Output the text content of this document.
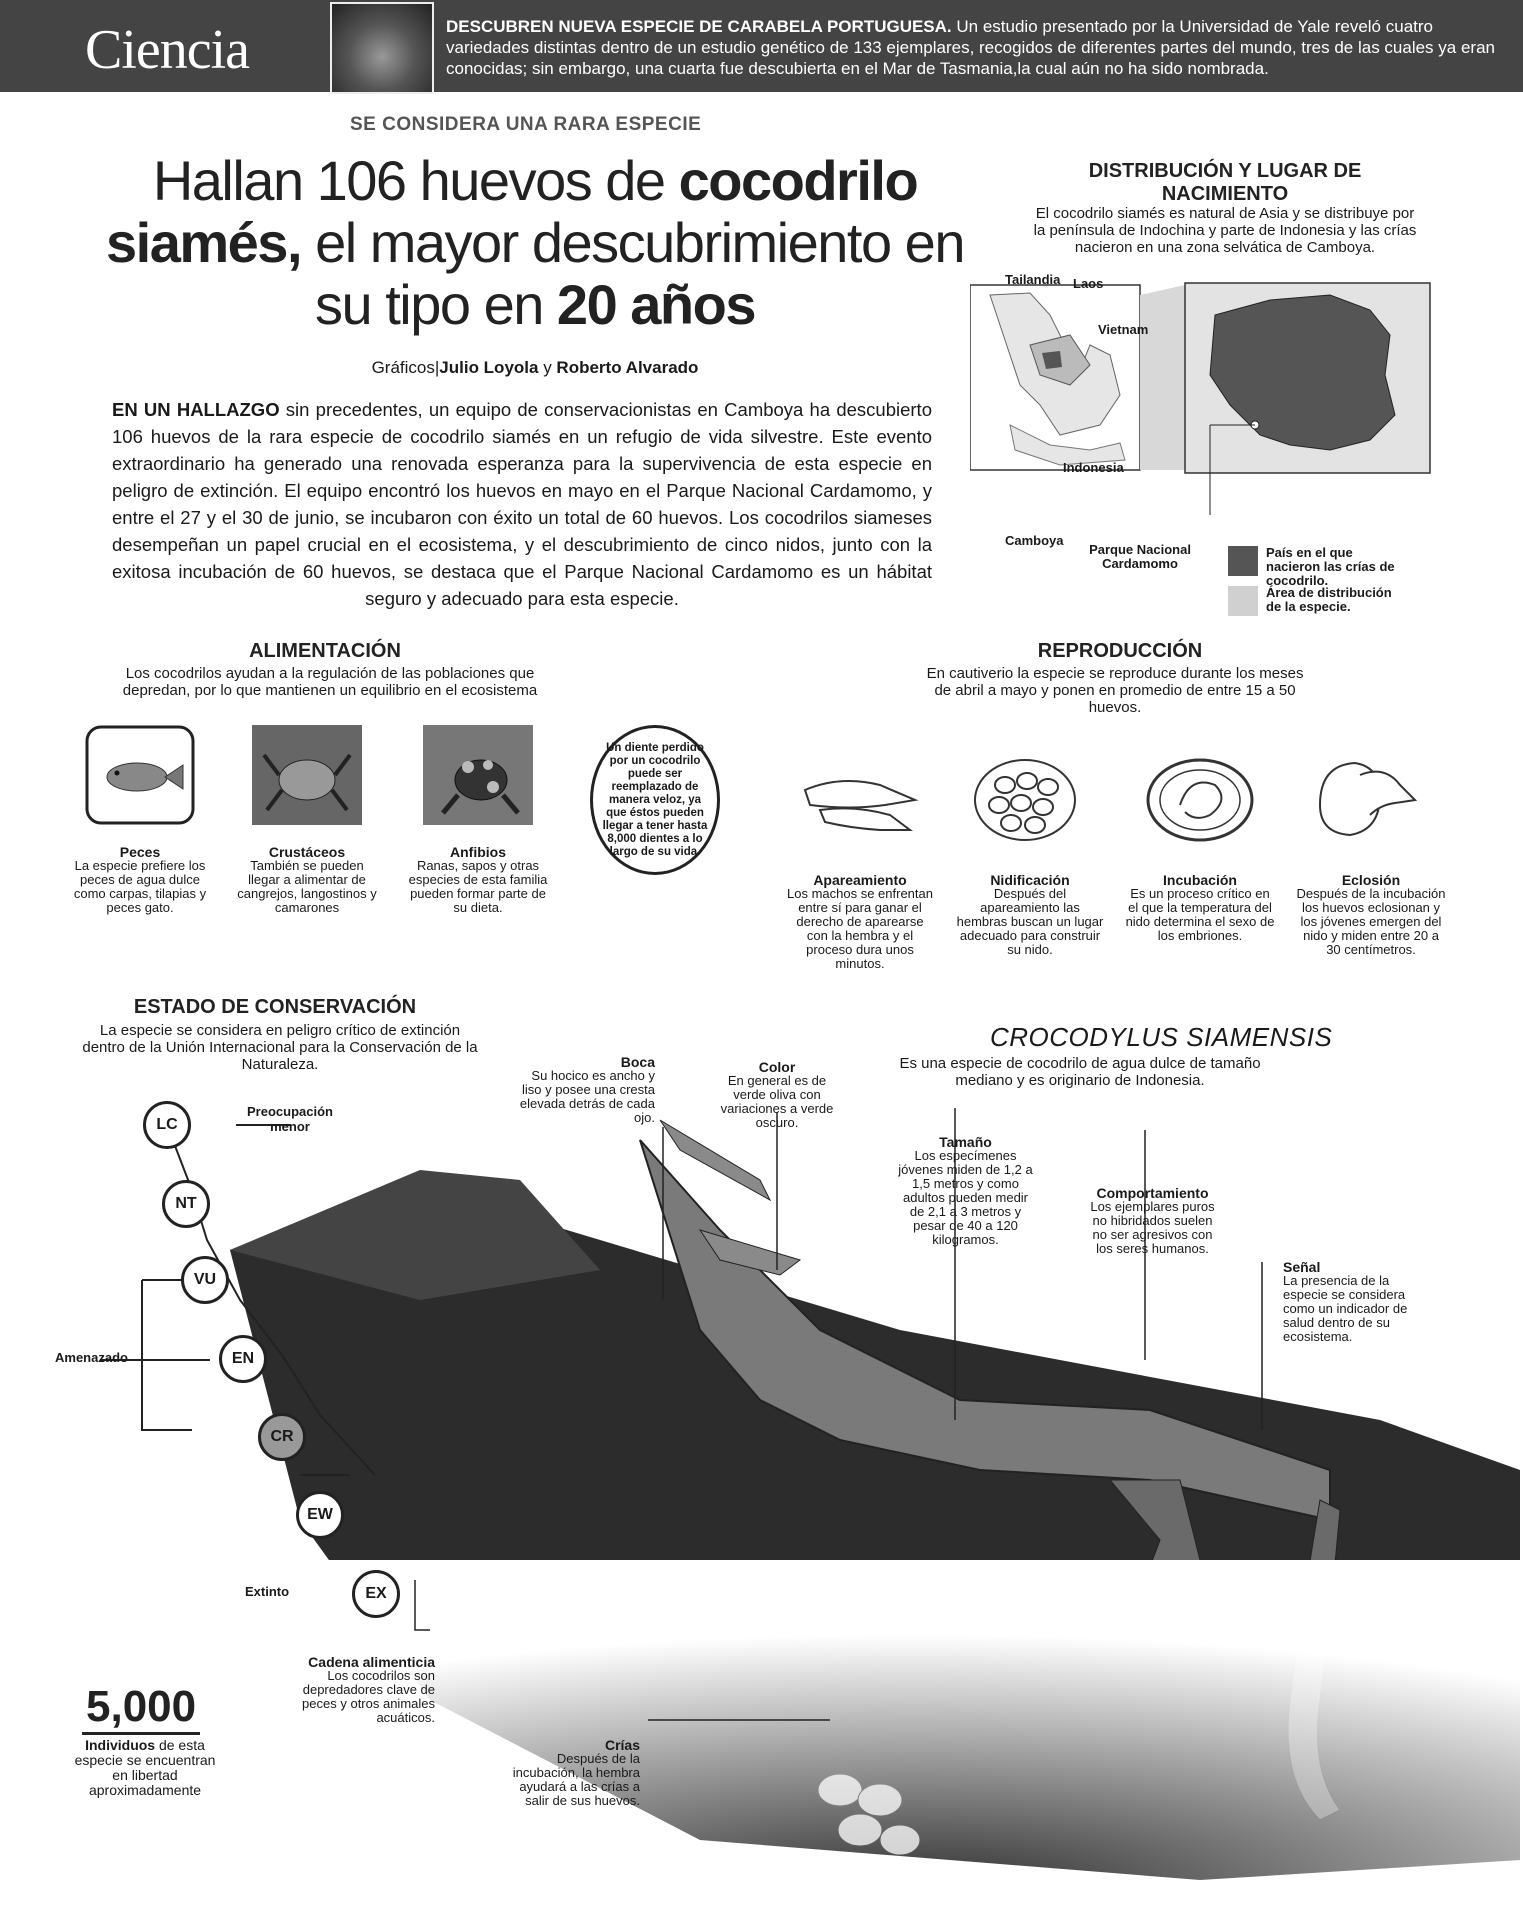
Ciencia	DESCUBREN NUEVA ESPECIE DE CARABELA PORTUGUESA. Un estudio presentado por la Universidad de Yale reveló cuatro variedades distintas dentro de un estudio genético de 133 ejemplares, recogidos de diferentes partes del mundo, tres de las cuales ya eran conocidas; sin embargo, una cuarta fue descubierta en el Mar de Tasmania,la cual aún no ha sido nombrada.
SE CONSIDERA UNA RARA ESPECIE
Hallan 106 huevos de cocodrilo siamés, el mayor descubrimiento en su tipo en 20 años
Gráficos|Julio Loyola y Roberto Alvarado
EN UN HALLAZGO sin precedentes, un equipo de conservacionistas en Camboya ha descubierto 106 huevos de la rara especie de cocodrilo siamés en un refugio de vida silvestre. Este evento extraordinario ha generado una renovada esperanza para la supervivencia de esta especie en peligro de extinción. El equipo encontró los huevos en mayo en el Parque Nacional Cardamomo, y entre el 27 y el 30 de junio, se incubaron con éxito un total de 60 huevos. Los cocodrilos siameses desempeñan un papel crucial en el ecosistema, y el descubrimiento de cinco nidos, junto con la exitosa incubación de 60 huevos, se destaca que el Parque Nacional Cardamomo es un hábitat seguro y adecuado para esta especie.
DISTRIBUCIÓN Y LUGAR DE NACIMIENTO
El cocodrilo siamés es natural de Asia y se distribuye por la península de Indochina y parte de Indonesia y las crías nacieron en una zona selvática de Camboya.
Tailandia Laos
Vietnam
Indonesia
Camboya
Parque Nacional Cardamomo
País en el que nacieron las crías de cocodrilo.
Área de distribución de la especie.
ALIMENTACIÓN
Los cocodrilos ayudan a la regulación de las poblaciones que depredan, por lo que mantienen un equilibrio en el ecosistema
Peces
La especie prefiere los peces de agua dulce como carpas, tilapias y peces gato.
Crustáceos
También se pueden llegar a alimentar de cangrejos, langostinos y camarones
Anfibios
Ranas, sapos y otras especies de esta familia pueden formar parte de su dieta.
Un diente perdido por un cocodrilo puede ser reemplazado de manera veloz, ya que éstos pueden llegar a tener hasta 8,000 dientes a lo largo de su vida.
REPRODUCCIÓN
En cautiverio la especie se reproduce durante los meses de abril a mayo y ponen en promedio de entre 15 a 50 huevos.
Apareamiento
Los machos se enfrentan entre sí para ganar el derecho de aparearse con la hembra y el proceso dura unos minutos.
Nidificación
Después del apareamiento las hembras buscan un lugar adecuado para construir su nido.
Incubación
Es un proceso crítico en el que la temperatura del nido determina el sexo de los embriones.
Eclosión
Después de la incubación los huevos eclosionan y los jóvenes emergen del nido y miden entre 20 a 30 centímetros.
ESTADO DE CONSERVACIÓN
La especie se considera en peligro crítico de extinción dentro de la Unión Internacional para la Conservación de la Naturaleza.
LC
NT
VU
EN
CR
EW
EX
Preocupación menor
Amenazado
Extinto
CROCODYLUS SIAMENSIS
Es una especie de cocodrilo de agua dulce de tamaño mediano y es originario de Indonesia.
Boca
Su hocico es ancho y liso y posee una cresta elevada detrás de cada ojo.
Color
En general es de verde oliva con variaciones a verde oscuro.
Tamaño
Los especímenes jóvenes miden de 1,2 a 1,5 metros y como adultos pueden medir de 2,1 a 3 metros y pesar de 40 a 120 kilogramos.
Comportamiento
Los ejemplares puros no hibridados suelen no ser agresivos con los seres humanos.
Señal
La presencia de la especie se considera como un indicador de salud dentro de su ecosistema.
Cadena alimenticia
Los cocodrilos son depredadores clave de peces y otros animales acuáticos.
Crías
Después de la incubación, la hembra ayudará a las crías a salir de sus huevos.
5,000
Individuos de esta especie se encuentran en libertad aproximadamente
